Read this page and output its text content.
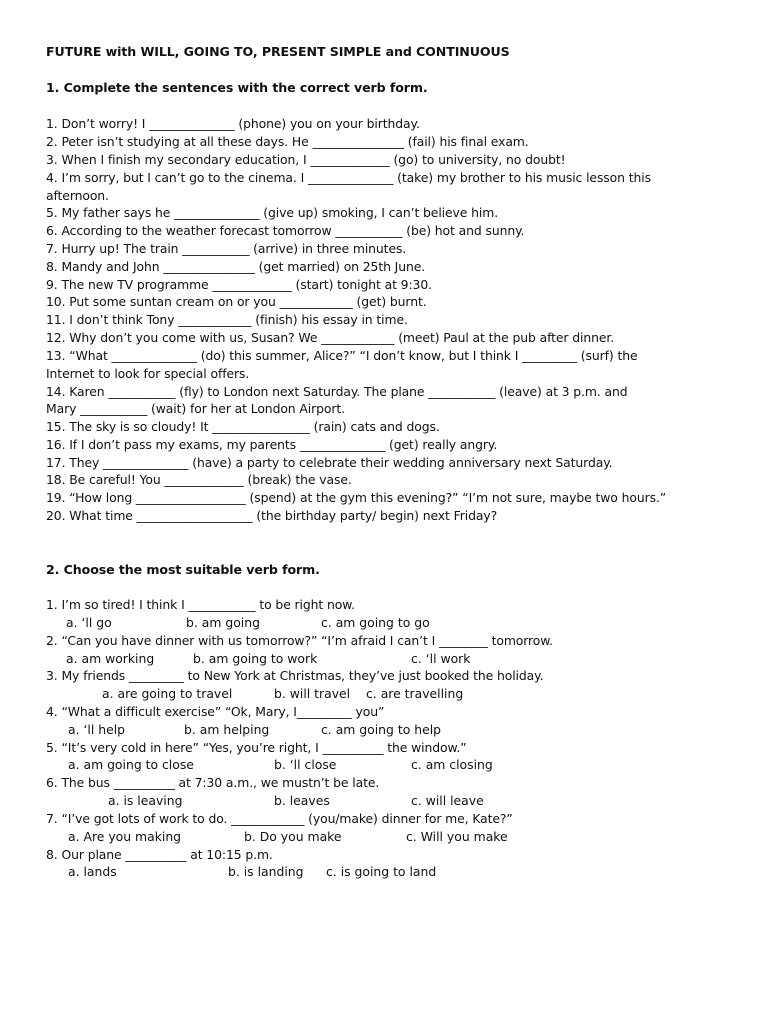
FUTURE with WILL, GOING TO, PRESENT SIMPLE and CONTINUOUS
1. Complete the sentences with the correct verb form.
1. Don’t worry! I ______________ (phone) you on your birthday.
2. Peter isn’t studying at all these days. He _______________ (fail) his final exam.
3. When I finish my secondary education, I _____________ (go) to university, no doubt!
4. I’m sorry, but I can’t go to the cinema. I ______________ (take) my brother to his music lesson this
afternoon.
5. My father says he ______________ (give up) smoking, I can’t believe him.
6. According to the weather forecast tomorrow ___________ (be) hot and sunny.
7. Hurry up! The train ___________ (arrive) in three minutes.
8. Mandy and John _______________ (get married) on 25th June.
9. The new TV programme _____________ (start) tonight at 9:30.
10. Put some suntan cream on or you ____________ (get) burnt.
11. I don’t think Tony ____________ (finish) his essay in time.
12. Why don’t you come with us, Susan? We ____________ (meet) Paul at the pub after dinner.
13. “What ______________ (do) this summer, Alice?” “I don’t know, but I think I _________ (surf) the
Internet to look for special offers.
14. Karen ___________ (fly) to London next Saturday. The plane ___________ (leave) at 3 p.m. and
Mary ___________ (wait) for her at London Airport.
15. The sky is so cloudy! It ________________ (rain) cats and dogs.
16. If I don’t pass my exams, my parents ______________ (get) really angry.
17. They ______________ (have) a party to celebrate their wedding anniversary next Saturday.
18. Be careful! You _____________ (break) the vase.
19. “How long __________________ (spend) at the gym this evening?” “I’m not sure, maybe two hours.”
20. What time ___________________ (the birthday party/ begin) next Friday?
2. Choose the most suitable verb form.
1. I’m so tired! I think I ___________ to be right now.
a. ‘ll go	b. am going	c. am going to go
2. “Can you have dinner with us tomorrow?” “I’m afraid I can’t I ________ tomorrow.
a. am working	b. am going to work	c. ‘ll work
3. My friends _________ to New York at Christmas, they’ve just booked the holiday.
a. are going to travel	b. will travel c. are travelling
4. “What a difficult exercise” “Ok, Mary, I_________ you”
a. ‘ll help	b. am helping	c. am going to help
5. “It’s very cold in here” “Yes, you’re right, I __________ the window.”
a. am going to close	b. ‘ll close	c. am closing
6. The bus __________ at 7:30 a.m., we mustn’t be late.
a. is leaving	b. leaves	c. will leave
7. “I’ve got lots of work to do. ____________ (you/make) dinner for me, Kate?”
a. Are you making	b. Do you make	c. Will you make
8. Our plane __________ at 10:15 p.m.
a. lands	b. is landing c. is going to land
